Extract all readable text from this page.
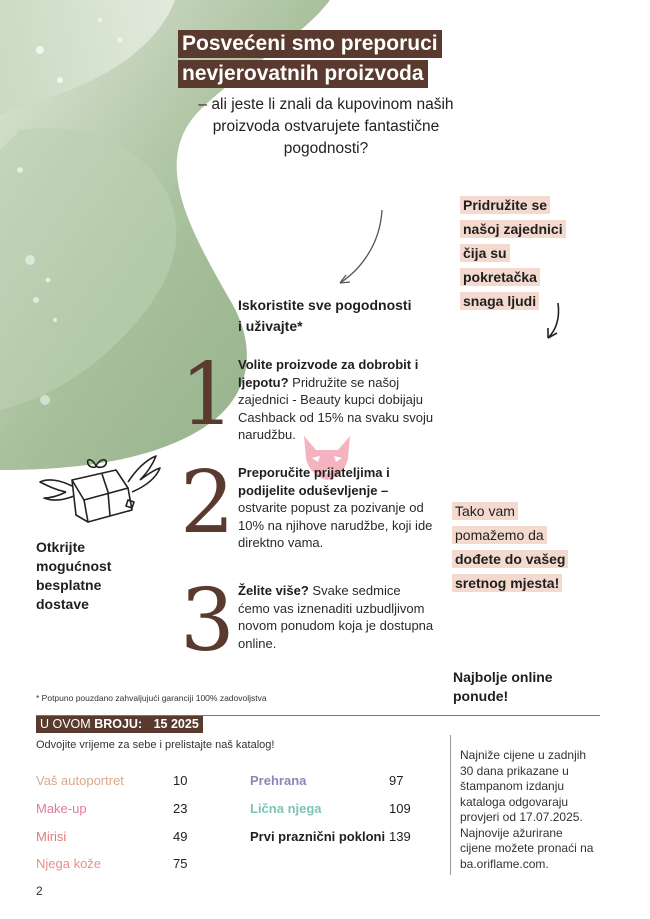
Posvećeni smo preporuci
nevjerovatnih proizvoda
– ali jeste li znali da kupovinom naših proizvoda ostvarujete fantastične pogodnosti?
Pridružite se
našoj zajednici
čija su
pokretačka
snaga ljudi
Iskoristite sve pogodnosti
i uživajte*
1 Volite proizvode za dobrobit i ljepotu? Pridružite se našoj zajednici - Beauty kupci dobijaju Cashback od 15% na svaku svoju narudžbu.
2 Preporučite prijateljima i podijelite oduševljenje – ostvarite popust za pozivanje od 10% na njihove narudžbe, koji ide direktno vama.
3 Želite više? Svake sedmice ćemo vas iznenaditi uzbudljivom novom ponudom koja je dostupna online.
Otkrijte
mogućnost
besplatne
dostave
Tako vam
pomažemo da
dođete do vašeg
sretnog mjesta!
Najbolje online
ponude!
* Potpuno pouzdano zahvaljujući garanciji 100% zadovoljstva
U OVOM BROJU: 15 2025
Odvojite vrijeme za sebe i prelistajte naš katalog!
Vaš autoportret	10
Make-up	23
Mirisi	49
Njega kože	75
Prehrana	97
Lična njega	109
Prvi praznični pokloni 139
Najniže cijene u zadnjih 30 dana prikazane u štampanom izdanju kataloga odgovaraju provjeri od 17.07.2025. Najnovije ažurirane cijene možete pronaći na ba.oriflame.com.
2
